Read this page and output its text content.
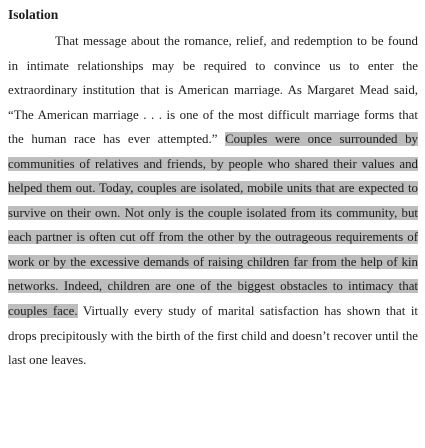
Isolation

That message about the romance, relief, and redemption to be found in intimate relationships may be required to convince us to enter the extraordinary institution that is American marriage. As Margaret Mead said, “The American marriage . . . is one of the most difficult marriage forms that the human race has ever attempted.” Couples were once surrounded by communities of relatives and friends, by people who shared their values and helped them out. Today, couples are isolated, mobile units that are expected to survive on their own. Not only is the couple isolated from its community, but each partner is often cut off from the other by the outrageous requirements of work or by the excessive demands of raising children far from the help of kin networks. Indeed, children are one of the biggest obstacles to intimacy that couples face. Virtually every study of marital satisfaction has shown that it drops precipitously with the birth of the first child and doesn’t recover until the last one leaves.
